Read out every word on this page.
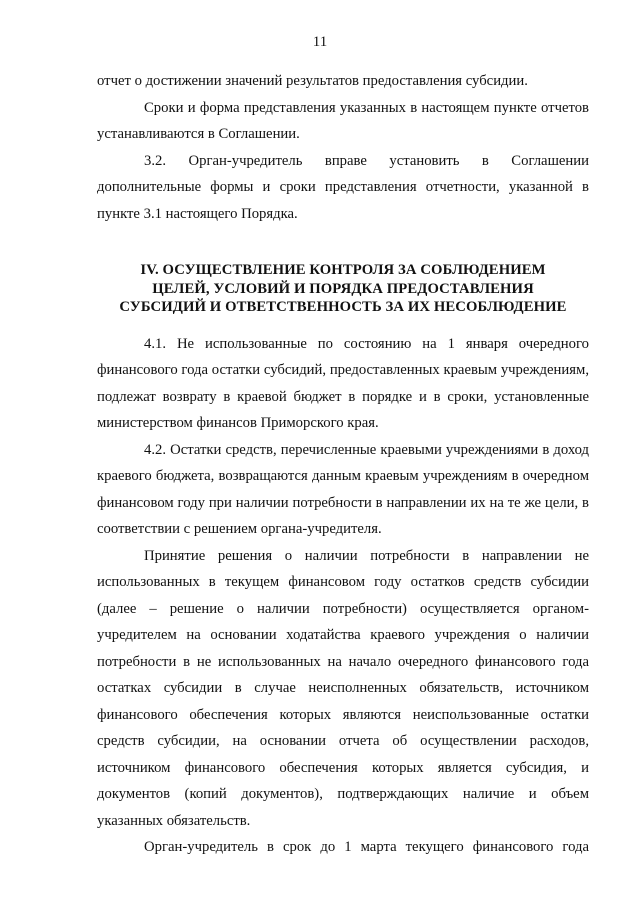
11

отчет о достижении значений результатов предоставления субсидии.

Сроки и форма представления указанных в настоящем пункте отчетов устанавливаются в Соглашении.

3.2. Орган-учредитель вправе установить в Соглашении дополнительные формы и сроки представления отчетности, указанной в пункте 3.1 настоящего Порядка.

IV. ОСУЩЕСТВЛЕНИЕ КОНТРОЛЯ ЗА СОБЛЮДЕНИЕМ
ЦЕЛЕЙ, УСЛОВИЙ И ПОРЯДКА ПРЕДОСТАВЛЕНИЯ
СУБСИДИЙ И ОТВЕТСТВЕННОСТЬ ЗА ИХ НЕСОБЛЮДЕНИЕ

4.1. Не использованные по состоянию на 1 января очередного финансового года остатки субсидий, предоставленных краевым учреждениям, подлежат возврату в краевой бюджет в порядке и в сроки, установленные министерством финансов Приморского края.

4.2. Остатки средств, перечисленные краевыми учреждениями в доход краевого бюджета, возвращаются данным краевым учреждениям в очередном финансовом году при наличии потребности в направлении их на те же цели, в соответствии с решением органа-учредителя.

Принятие решения о наличии потребности в направлении не использованных в текущем финансовом году остатков средств субсидии (далее – решение о наличии потребности) осуществляется органом-учредителем на основании ходатайства краевого учреждения о наличии потребности в не использованных на начало очередного финансового года остатках субсидии в случае неисполненных обязательств, источником финансового обеспечения которых являются неиспользованные остатки средств субсидии, на основании отчета об осуществлении расходов, источником финансового обеспечения которых является субсидия, и документов (копий документов), подтверждающих наличие и объем указанных обязательств.

Орган-учредитель в срок до 1 марта текущего финансового года
